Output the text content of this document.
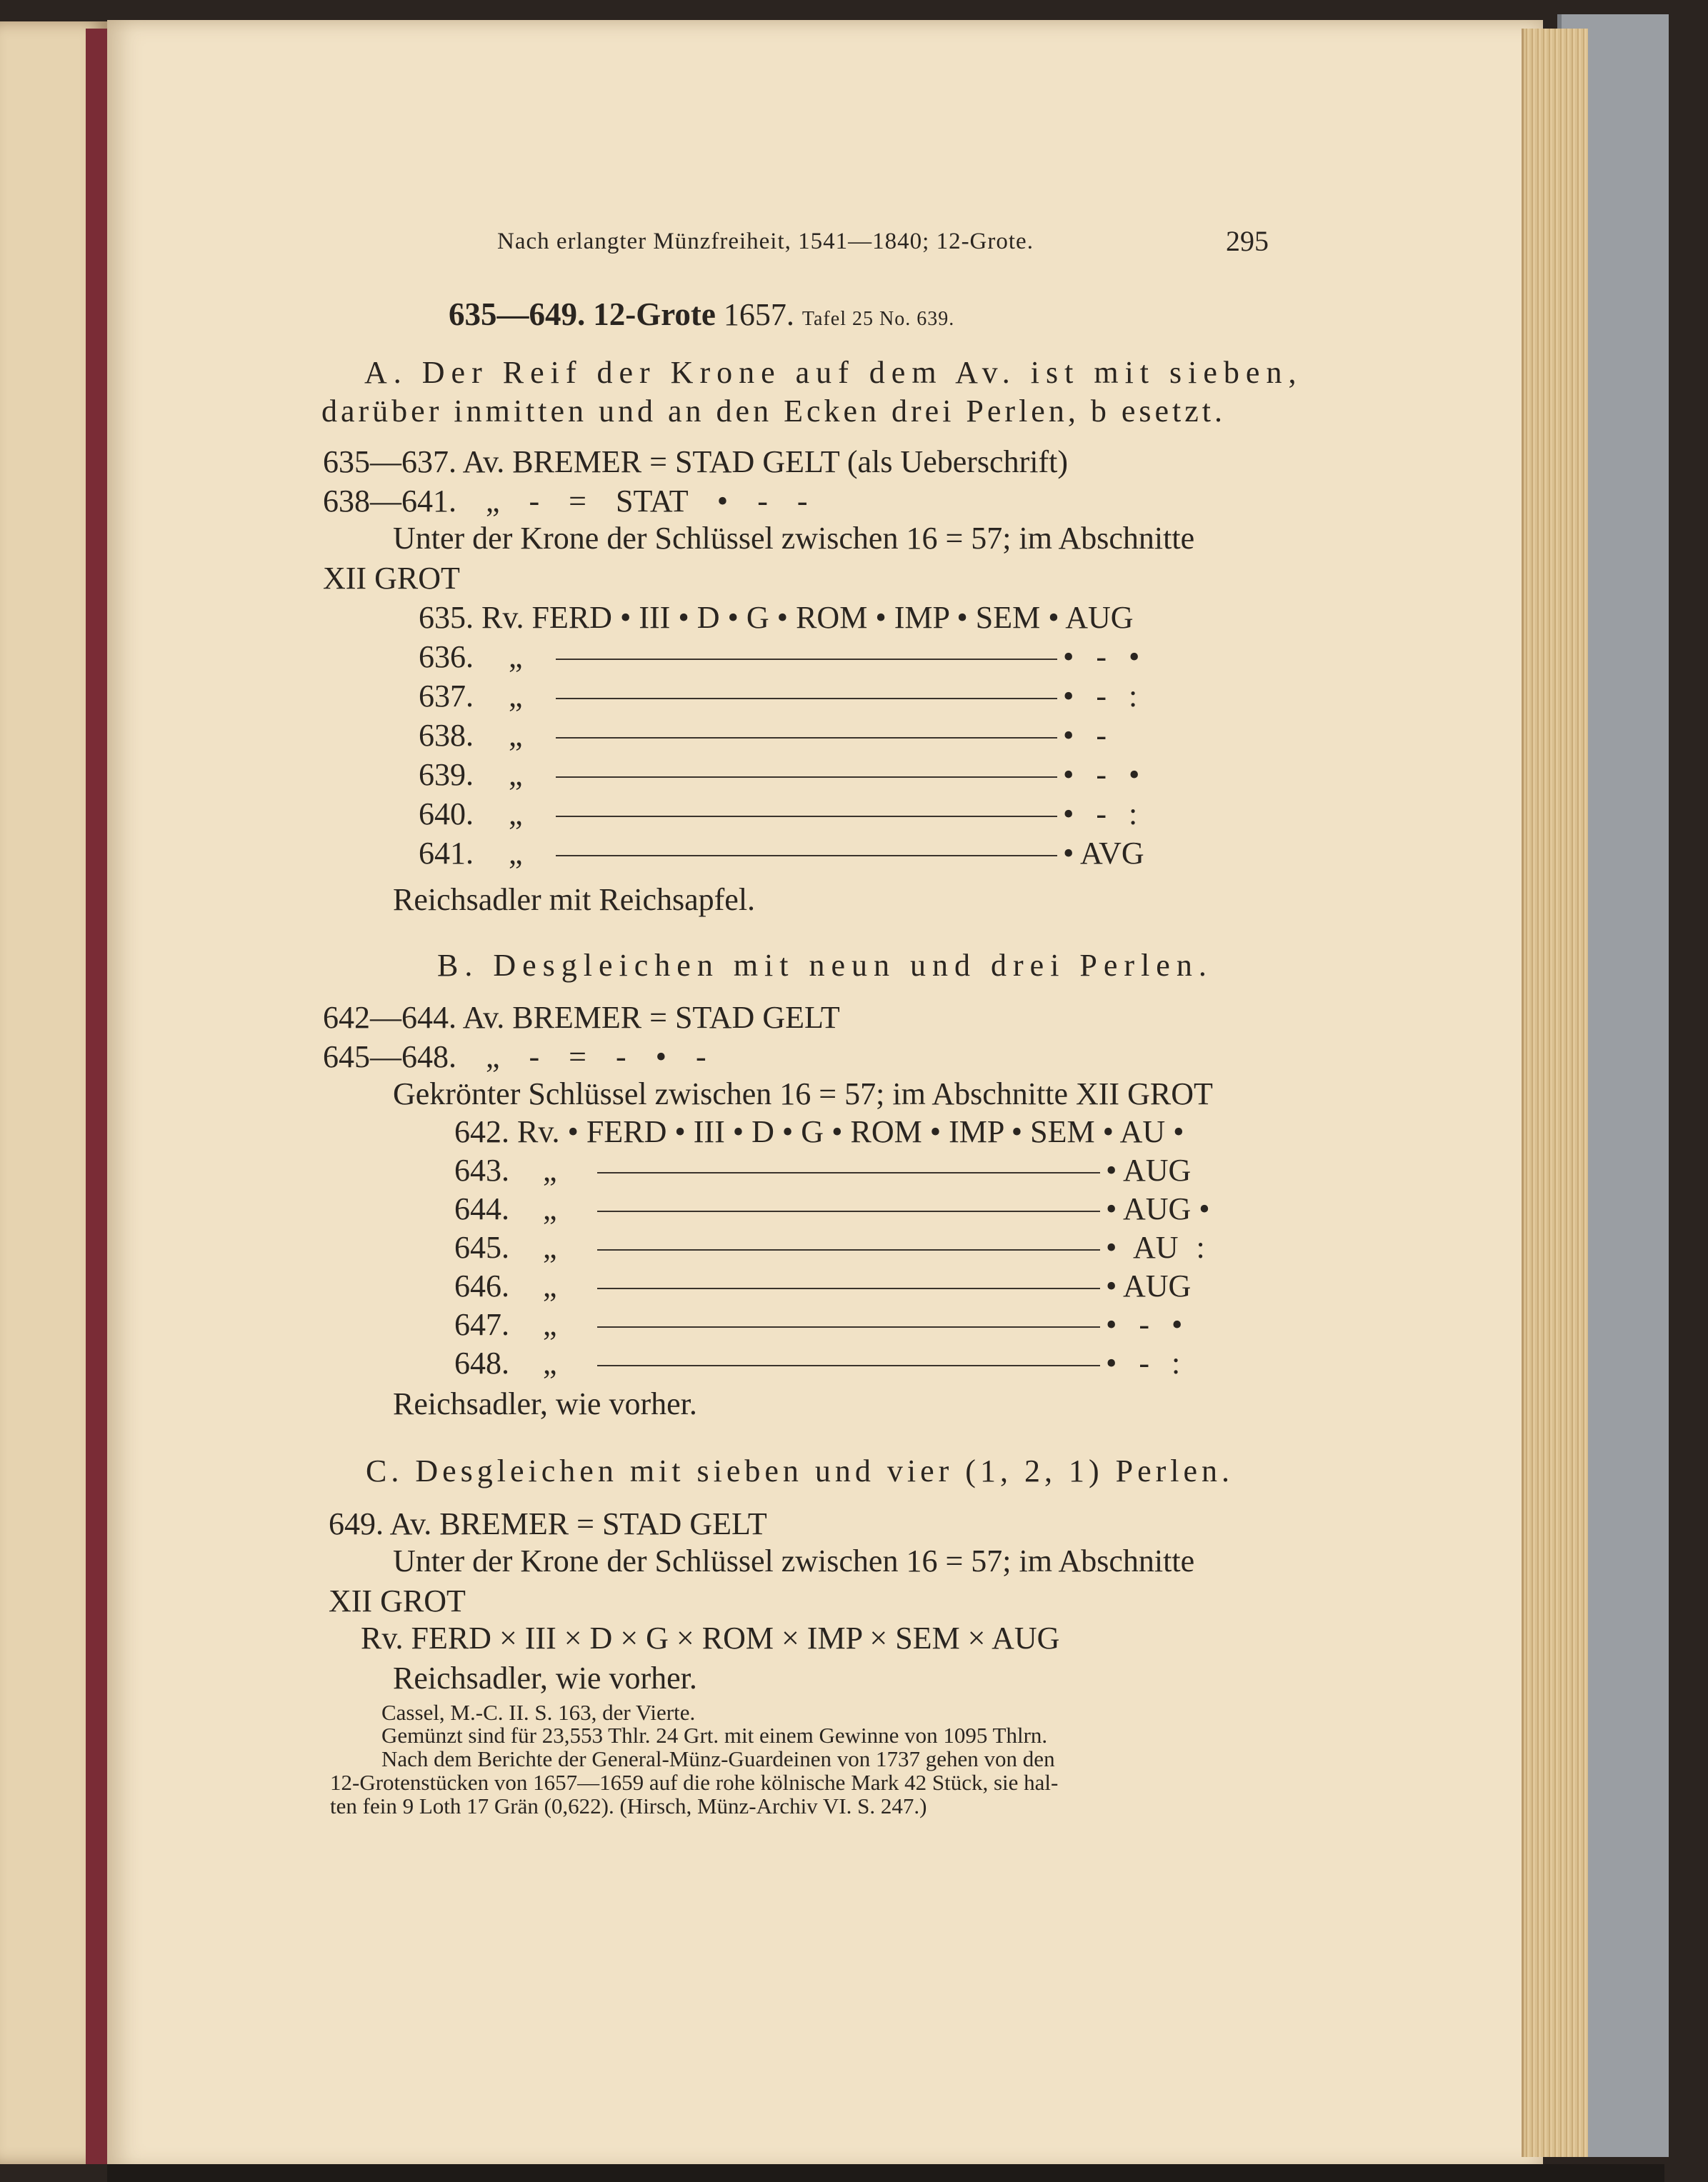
Nach erlangter Münzfreiheit, 1541—1840; 12-Grote.	295
635—649. 12-Grote 1657. Tafel 25 No. 639.
A. Der Reif der Krone auf dem Av. ist mit sieben,
darüber inmitten und an den Ecken drei Perlen, b esetzt.
635—637. Av. BREMER = STAD GELT (als Ueberschrift)
638—641. „ - = STAT • - -
Unter der Krone der Schlüssel zwischen 16 = 57; im Abschnitte
XII GROT
635. Rv. FERD • III • D • G • ROM • IMP • SEM • AUG
636. „	• - •
637. „	• - :
638. „	• -
639. „	• - •
640. „	• - :
641. „	• AVG
Reichsadler mit Reichsapfel.
B. Desgleichen mit neun und drei Perlen.
642—644. Av. BREMER = STAD GELT
645—648. „ - = - • -
Gekrönter Schlüssel zwischen 16 = 57; im Abschnitte XII GROT
642. Rv. • FERD • III • D • G • ROM • IMP • SEM • AU •
643. „	• AUG
644. „	• AUG •
645. „	• AU :
646. „	• AUG
647. „	• - •
648. „	• - :
Reichsadler, wie vorher.
C. Desgleichen mit sieben und vier (1, 2, 1) Perlen.
649. Av. BREMER = STAD GELT
Unter der Krone der Schlüssel zwischen 16 = 57; im Abschnitte
XII GROT
Rv. FERD × III × D × G × ROM × IMP × SEM × AUG
Reichsadler, wie vorher.
Cassel, M.-C. II. S. 163, der Vierte.
Gemünzt sind für 23,553 Thlr. 24 Grt. mit einem Gewinne von 1095 Thlrn.
Nach dem Berichte der General-Münz-Guardeinen von 1737 gehen von den
12-Grotenstücken von 1657—1659 auf die rohe kölnische Mark 42 Stück, sie hal-
ten fein 9 Loth 17 Grän (0,622). (Hirsch, Münz-Archiv VI. S. 247.)
